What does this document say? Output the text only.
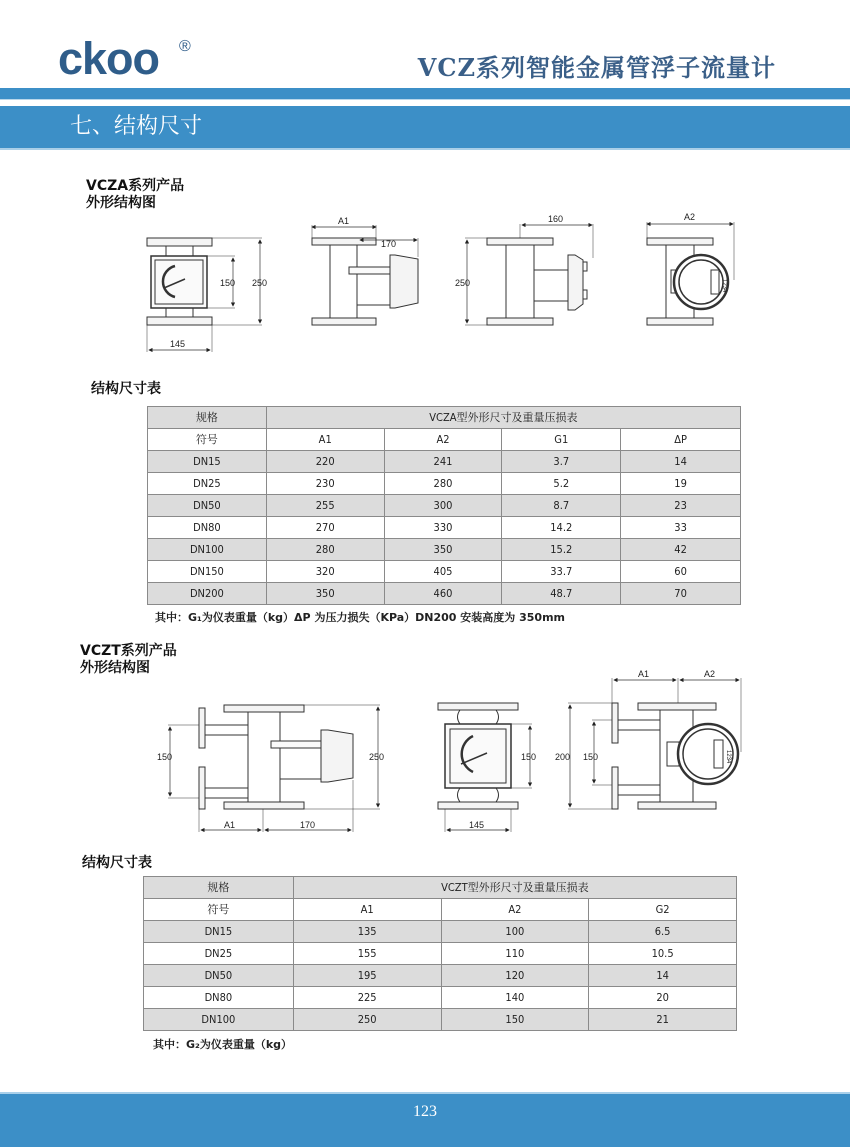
ckoo ®
VCZ系列智能金属管浮子流量计
七、结构尺寸
VCZA系列产品
外形结构图
150 250
145
A1
170
250
160	A2
1234
结构尺寸表
规格	VCZA型外形尺寸及重量压损表			
符号	A1	A2	G1	ΔP
DN15	220	241	3.7	14
DN25	230	280	5.2	19
DN50	255	300	8.7	23
DN80	270	330	14.2	33
DN100	280	350	15.2	42
DN150	320	405	33.7	60
DN200	350	460	48.7	70
其中：G₁为仪表重量（kg）ΔP 为压力损失（KPa）DN200 安装高度为 350mm
VCZT系列产品
外形结构图
150	250
A1	170
150
145
200 150
A1	A2
1234
结构尺寸表
规格	VCZT型外形尺寸及重量压损表		
符号	A1	A2	G2
DN15	135	100	6.5
DN25	155	110	10.5
DN50	195	120	14
DN80	225	140	20
DN100	250	150	21
其中：G₂为仪表重量（kg）
123
